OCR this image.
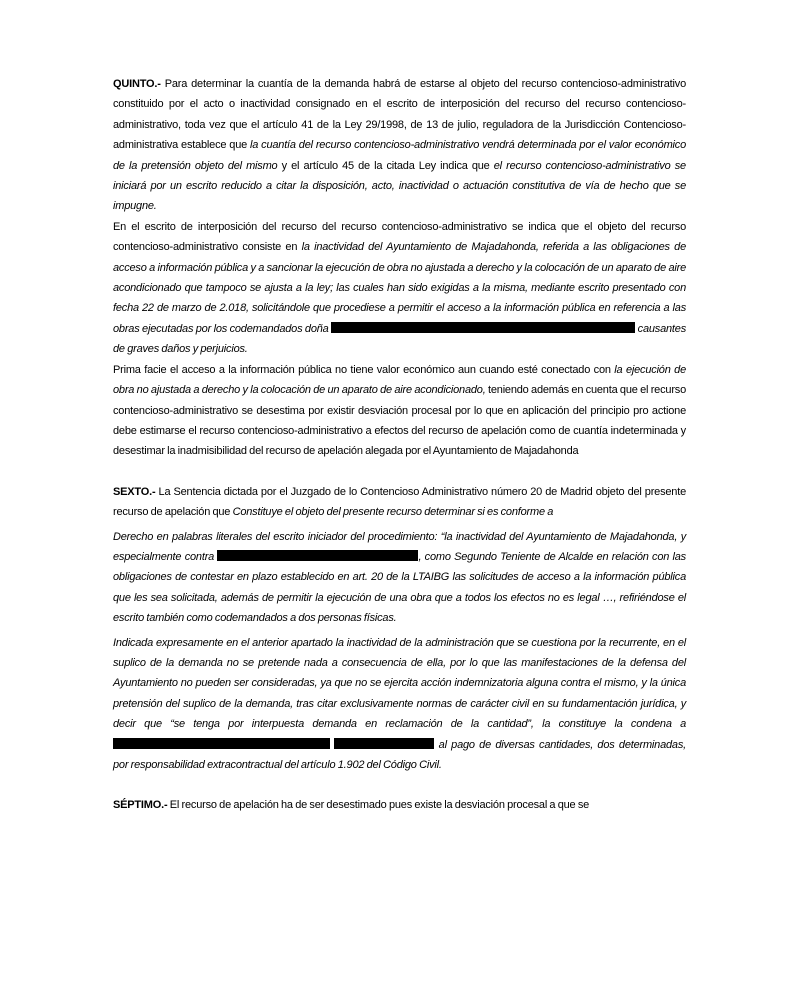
QUINTO.- Para determinar la cuantía de la demanda habrá de estarse al objeto del recurso contencioso-administrativo constituido por el acto o inactividad consignado en el escrito de interposición del recurso del recurso contencioso-administrativo, toda vez que el artículo 41 de la Ley 29/1998, de 13 de julio, reguladora de la Jurisdicción Contencioso- administrativa establece que la cuantía del recurso contencioso-administrativo vendrá determinada por el valor económico de la pretensión objeto del mismo y el artículo 45 de la citada Ley indica que el recurso contencioso-administrativo se iniciará por un escrito reducido a citar la disposición, acto, inactividad o actuación constitutiva de vía de hecho que se impugne.

En el escrito de interposición del recurso del recurso contencioso-administrativo se indica que el objeto del recurso contencioso-administrativo consiste en la inactividad del Ayuntamiento de Majadahonda, referida a las obligaciones de acceso a información pública y a sancionar la ejecución de obra no ajustada a derecho y la colocación de un aparato de aire acondicionado que tampoco se ajusta a la ley; las cuales han sido exigidas a la misma, mediante escrito presentado con fecha 22 de marzo de 2.018, solicitándole que procediese a permitir el acceso a la información pública en referencia a las obras ejecutadas por los codemandados doña	causantes de graves daños y perjuicios.

Prima facie el acceso a la información pública no tiene valor económico aun cuando esté conectado con la ejecución de obra no ajustada a derecho y la colocación de un aparato de aire acondicionado, teniendo además en cuenta que el recurso contencioso-administrativo se desestima por existir desviación procesal por lo que en aplicación del principio pro actione debe estimarse el recurso contencioso-administrativo a efectos del recurso de apelación como de cuantía indeterminada y desestimar la inadmisibilidad del recurso de apelación alegada por el Ayuntamiento de Majadahonda

SEXTO.- La Sentencia dictada por el Juzgado de lo Contencioso Administrativo número 20 de Madrid objeto del presente recurso de apelación que Constituye el objeto del presente recurso determinar si es conforme a

Derecho en palabras literales del escrito iniciador del procedimiento: “la inactividad del Ayuntamiento de Majadahonda, y especialmente contra	, como Segundo Teniente de Alcalde en relación con las obligaciones de contestar en plazo establecido en art. 20 de la LTAIBG las solicitudes de acceso a la información pública que les sea solicitada, además de permitir la ejecución de una obra que a todos los efectos no es legal …, refiriéndose el escrito también como codemandados a dos personas físicas.

Indicada expresamente en el anterior apartado la inactividad de la administración que se cuestiona por la recurrente, en el suplico de la demanda no se pretende nada a consecuencia de ella, por lo que las manifestaciones de la defensa del Ayuntamiento no pueden ser consideradas, ya que no se ejercita acción indemnizatoria alguna contra el mismo, y la única pretensión del suplico de la demanda, tras citar exclusivamente normas de carácter civil en su fundamentación jurídica, y decir que “se tenga por interpuesta demanda en reclamación de la cantidad”, la constituye la condena a   al pago de diversas cantidades, dos determinadas, por responsabilidad extracontractual del artículo 1.902 del Código Civil.

SÉPTIMO.- El recurso de apelación ha de ser desestimado pues existe la desviación procesal a que se
